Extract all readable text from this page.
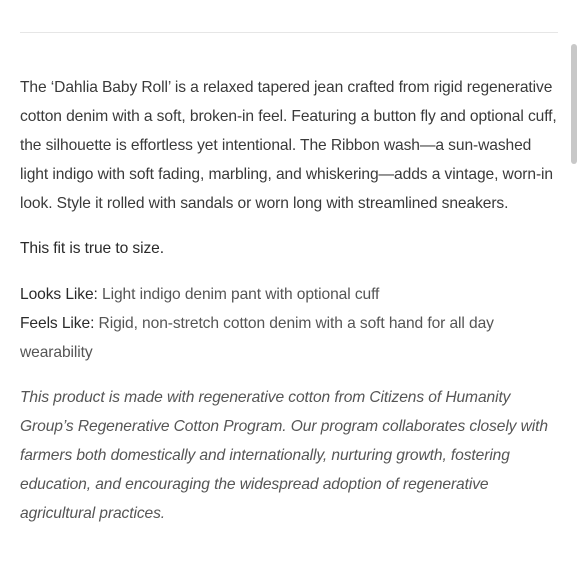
The ‘Dahlia Baby Roll’ is a relaxed tapered jean crafted from rigid regenerative cotton denim with a soft, broken-in feel. Featuring a button fly and optional cuff, the silhouette is effortless yet intentional. The Ribbon wash—a sun-washed light indigo with soft fading, marbling, and whiskering—adds a vintage, worn-in look. Style it rolled with sandals or worn long with streamlined sneakers.

This fit is true to size.

Looks Like: Light indigo denim pant with optional cuff

Feels Like: Rigid, non-stretch cotton denim with a soft hand for all day wearability

This product is made with regenerative cotton from Citizens of Humanity Group’s Regenerative Cotton Program. Our program collaborates closely with farmers both domestically and internationally, nurturing growth, fostering education, and encouraging the widespread adoption of regenerative agricultural practices.
